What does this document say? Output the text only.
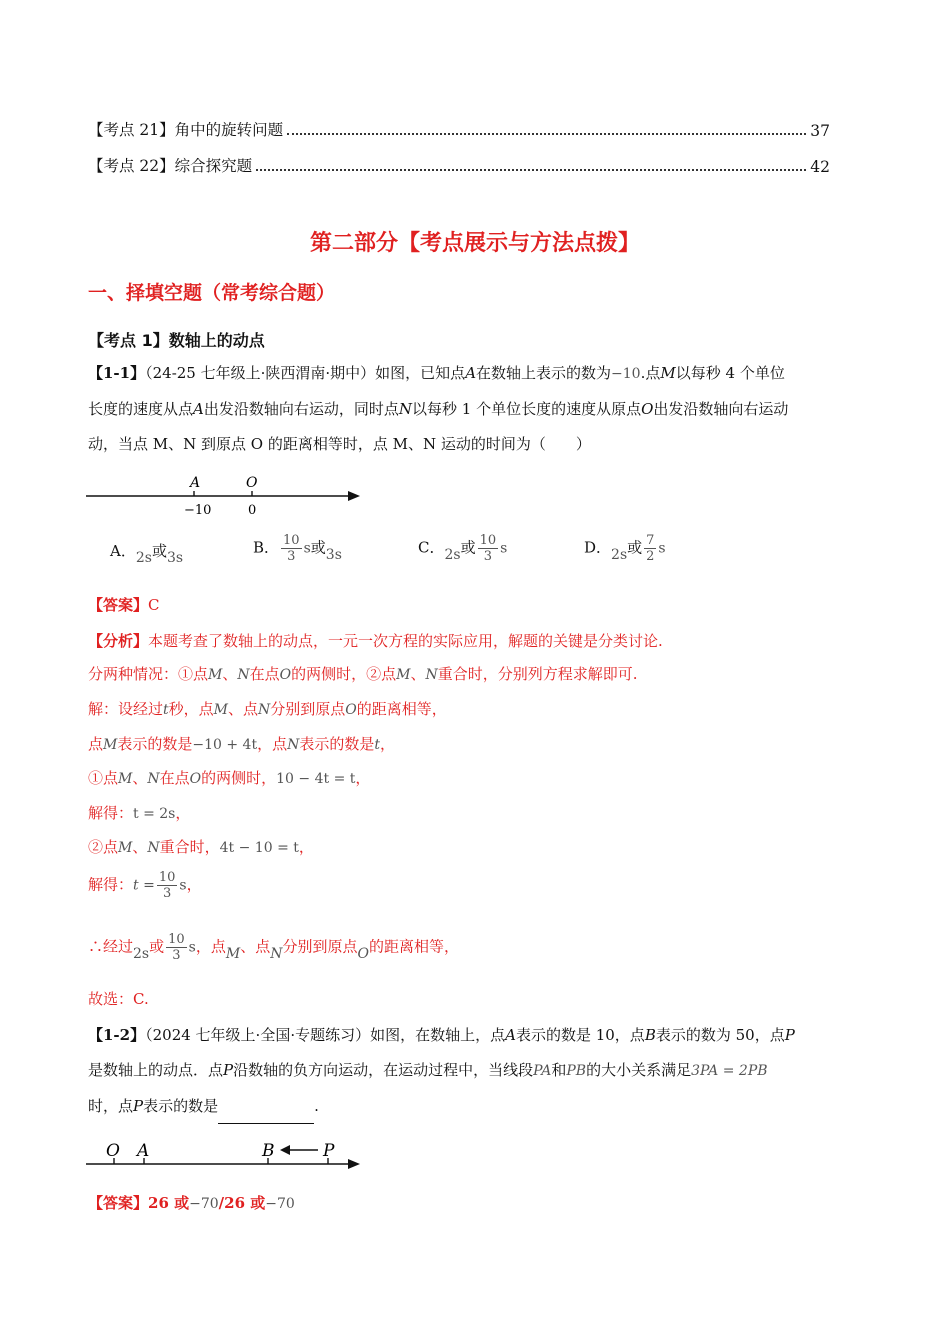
【考点 21】角中的旋转问题	37
【考点 22】综合探究题	42
第二部分【考点展示与方法点拨】
一、择填空题（常考综合题）
【考点 1】数轴上的动点
【1-1】（24-25 七年级上·陕西渭南·期中）如图，已知点A在数轴上表示的数为−10.点M以每秒 4 个单位
长度的速度从点A出发沿数轴向右运动，同时点N以每秒 1 个单位长度的速度从原点O出发沿数轴向右运动
动，当点 M、N 到原点 O 的距离相等时，点 M、N 运动的时间为（　　）
A	O
−10	0
A．2s或3s
B． $\frac{10}{3}$ s或3s	C．2s或 $\frac{10}{3}$ s	D．2s或 $\frac{7}{2}$ s
【答案】C
【分析】本题考查了数轴上的动点，一元一次方程的实际应用，解题的关键是分类讨论.
分两种情况：①点M、N在点O的两侧时，②点M、N重合时，分别列方程求解即可.
解：设经过t秒，点M、点N分别到原点O的距离相等，
点M表示的数是−10 + 4t，点N表示的数是t，
①点M、N在点O的两侧时，10 − 4t = t，
解得：t = 2s，
②点M、N重合时，4t − 10 = t，
解得：$t = \frac{10}{3}$ s，
∴经过2s或 $\frac{10}{3}$ s，点M、点N分别到原点O的距离相等，
故选：C.
【1-2】（2024 七年级上·全国·专题练习）如图，在数轴上，点A表示的数是 10，点B表示的数为 50，点P
是数轴上的动点．点P沿数轴的负方向运动，在运动过程中，当线段PA和PB的大小关系满足3PA = 2PB
时，点P表示的数是	.
O A	B	P
【答案】26 或−70/26 或−70
